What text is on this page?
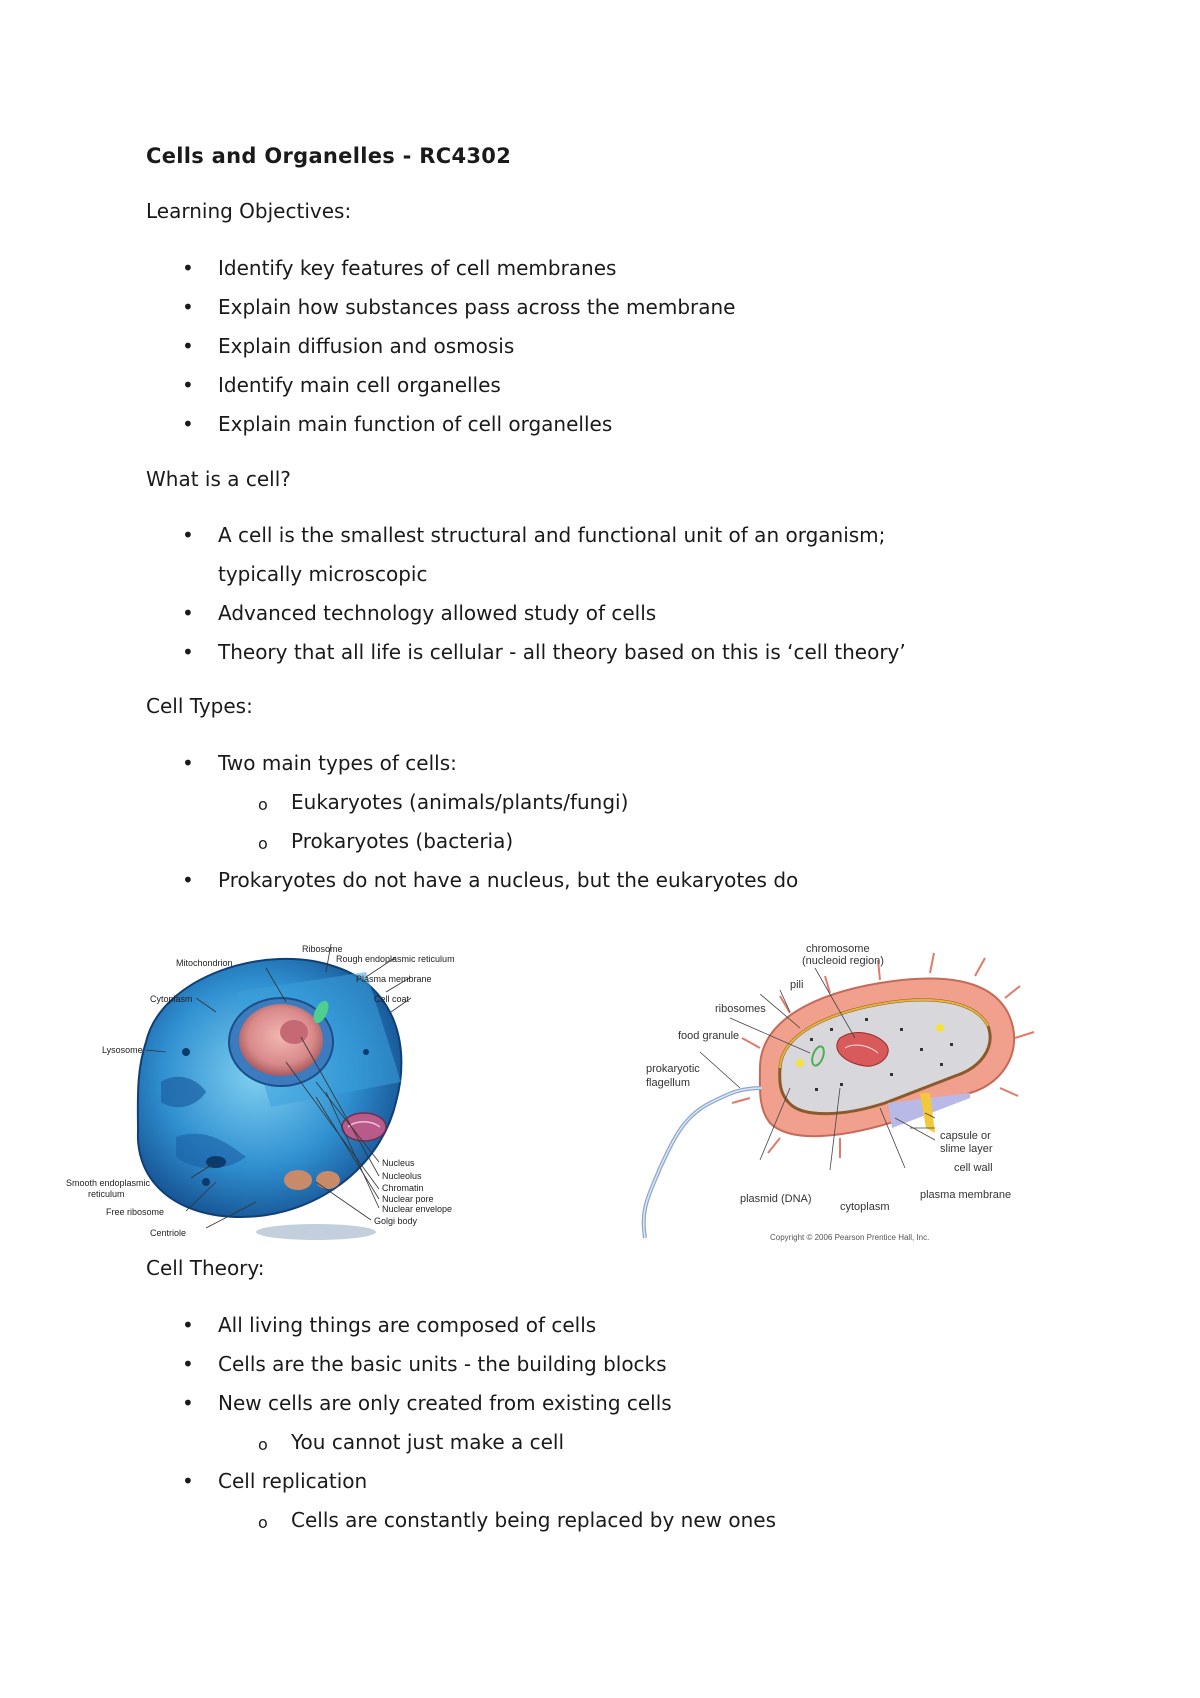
Cells and Organelles - RC4302
Learning Objectives:
• Identify key features of cell membranes
• Explain how substances pass across the membrane
• Explain diffusion and osmosis
• Identify main cell organelles
• Explain main function of cell organelles
What is a cell?
• A cell is the smallest structural and functional unit of an organism;
typically microscopic
• Advanced technology allowed study of cells
• Theory that all life is cellular - all theory based on this is ‘cell theory’
Cell Types:
• Two main types of cells:
o Eukaryotes (animals/plants/fungi)
o Prokaryotes (bacteria)
• Prokaryotes do not have a nucleus, but the eukaryotes do
Mitochondrion
Ribosome
Rough endoplasmic reticulum
Plasma membrane
Cell coat
Cytoplasm
Lysosome
Smooth endoplasmic
reticulum
Free ribosome
Centriole
Nucleus
Nucleolus
Chromatin
Nuclear pore
Nuclear envelope
Golgi body
chromosome
(nucleoid region)
pili
ribosomes
food granule
prokaryotic
flagellum
capsule or
slime layer
cell wall
plasmid (DNA)
cytoplasm
plasma membrane
Copyright © 2006 Pearson Prentice Hall, Inc.
Cell Theory:
• All living things are composed of cells
• Cells are the basic units - the building blocks
• New cells are only created from existing cells
o You cannot just make a cell
• Cell replication
o Cells are constantly being replaced by new ones
